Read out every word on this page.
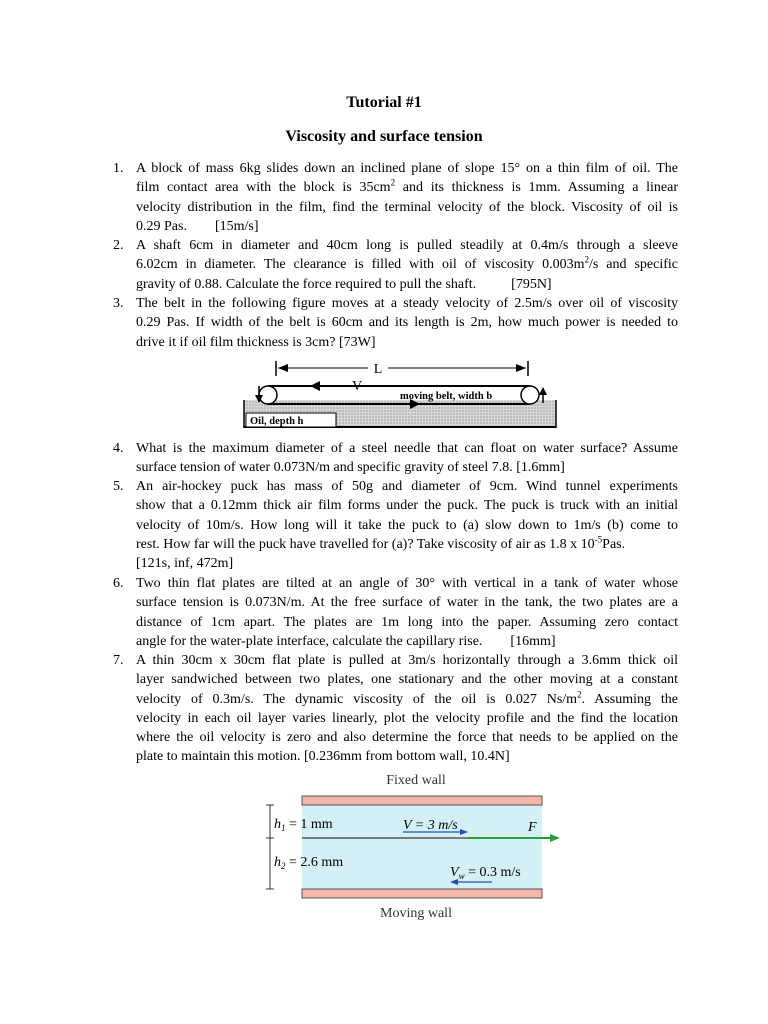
Tutorial #1
Viscosity and surface tension
1. A block of mass 6kg slides down an inclined plane of slope 15° on a thin film of oil. The
film contact area with the block is $35cm^2$ and its thickness is 1mm. Assuming a linear
velocity distribution in the film, find the terminal velocity of the block. Viscosity of oil is
0.29 Pas.        [15m/s]
2. A shaft 6cm in diameter and 40cm long is pulled steadily at 0.4m/s through a sleeve
6.02cm in diameter. The clearance is filled with oil of viscosity $0.003m^2/s$ and specific
gravity of 0.88. Calculate the force required to pull the shaft.          [795N]
3. The belt in the following figure moves at a steady velocity of 2.5m/s over oil of viscosity
0.29 Pas. If width of the belt is 60cm and its length is 2m, how much power is needed to
drive it if oil film thickness is 3cm? [73W]
L
V
moving belt, width b
Oil, depth h
4. What is the maximum diameter of a steel needle that can float on water surface? Assume
surface tension of water 0.073N/m and specific gravity of steel 7.8. [1.6mm]
5. An air-hockey puck has mass of 50g and diameter of 9cm. Wind tunnel experiments
show that a 0.12mm thick air film forms under the puck. The puck is truck with an initial
velocity of 10m/s. How long will it take the puck to (a) slow down to 1m/s (b) come to
rest. How far will the puck have travelled for (a)? Take viscosity of air as 1.8 x $10^{-5}Pas$.
[121s, inf, 472m]
6. Two thin flat plates are tilted at an angle of 30° with vertical in a tank of water whose
surface tension is 0.073N/m. At the free surface of water in the tank, the two plates are a
distance of 1cm apart. The plates are 1m long into the paper. Assuming zero contact
angle for the water-plate interface, calculate the capillary rise.        [16mm]
7. A thin 30cm x 30cm flat plate is pulled at 3m/s horizontally through a 3.6mm thick oil
layer sandwiched between two plates, one stationary and the other moving at a constant
velocity of 0.3m/s. The dynamic viscosity of the oil is 0.027 $Ns/m^2$. Assuming the
velocity in each oil layer varies linearly, plot the velocity profile and the find the location
where the oil velocity is zero and also determine the force that needs to be applied on the
plate to maintain this motion. [0.236mm from bottom wall, 10.4N]
Fixed wall
Moving wall
$h_1 = 1$ mm
$h_2 = 2.6$ mm
V = 3 m/s	F
$V_w = 0.3$ m/s
